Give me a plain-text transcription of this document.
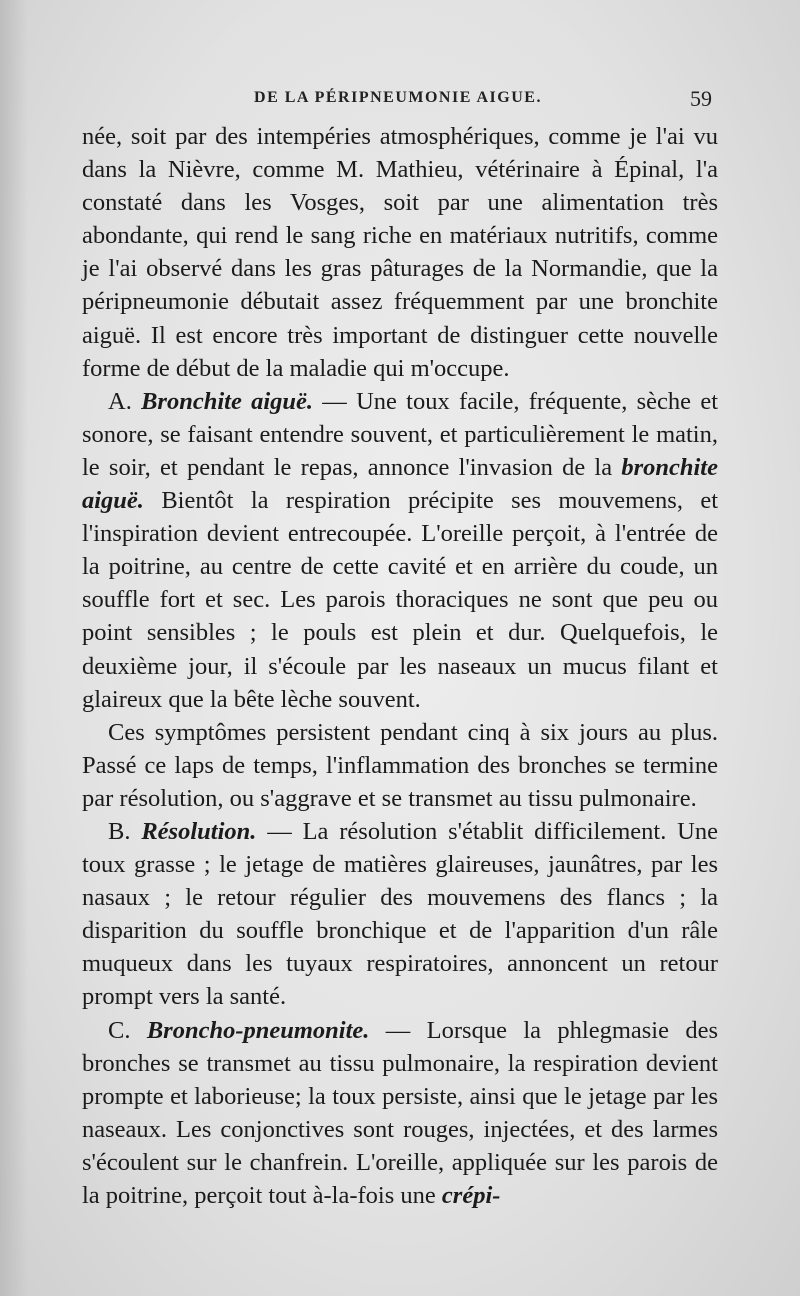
DE LA PÉRIPNEUMONIE AIGUE.	59

née, soit par des intempéries atmosphériques, comme je l'ai vu dans la Nièvre, comme M. Mathieu, vétérinaire à Épinal, l'a constaté dans les Vosges, soit par une alimentation très abondante, qui rend le sang riche en matériaux nutritifs, comme je l'ai observé dans les gras pâturages de la Normandie, que la péripneumonie débutait assez fréquemment par une bronchite aiguë. Il est encore très important de distinguer cette nouvelle forme de début de la maladie qui m'occupe.

A. Bronchite aiguë. — Une toux facile, fréquente, sèche et sonore, se faisant entendre souvent, et particulièrement le matin, le soir, et pendant le repas, annonce l'invasion de la bronchite aiguë. Bientôt la respiration précipite ses mouvemens, et l'inspiration devient entrecoupée. L'oreille perçoit, à l'entrée de la poitrine, au centre de cette cavité et en arrière du coude, un souffle fort et sec. Les parois thoraciques ne sont que peu ou point sensibles ; le pouls est plein et dur. Quelquefois, le deuxième jour, il s'écoule par les naseaux un mucus filant et glaireux que la bête lèche souvent.

Ces symptômes persistent pendant cinq à six jours au plus. Passé ce laps de temps, l'inflammation des bronches se termine par résolution, ou s'aggrave et se transmet au tissu pulmonaire.

B. Résolution. — La résolution s'établit difficilement. Une toux grasse ; le jetage de matières glaireuses, jaunâtres, par les nasaux ; le retour régulier des mouvemens des flancs ; la disparition du souffle bronchique et de l'apparition d'un râle muqueux dans les tuyaux respiratoires, annoncent un retour prompt vers la santé.

C. Broncho-pneumonite. — Lorsque la phlegmasie des bronches se transmet au tissu pulmonaire, la respiration devient prompte et laborieuse; la toux persiste, ainsi que le jetage par les naseaux. Les conjonctives sont rouges, injectées, et des larmes s'écoulent sur le chanfrein. L'oreille, appliquée sur les parois de la poitrine, perçoit tout à-la-fois une crépi-
